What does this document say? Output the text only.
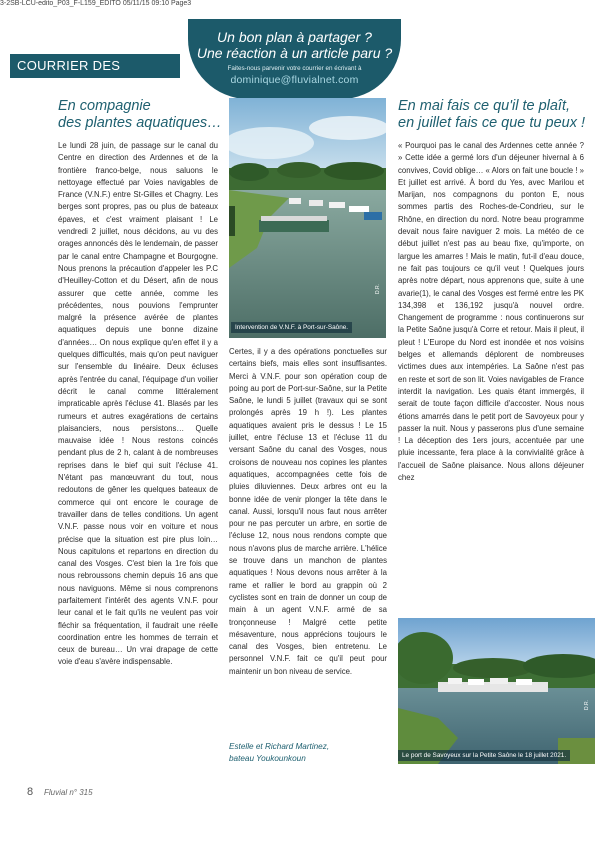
3-2SB-LCU-edito_P03_F-L159_EDITO 05/11/15 09:10 Page3
COURRIER DES LECTEURS
Un bon plan à partager ?
Une réaction à un article paru ?
Faites-nous parvenir votre courrier en écrivant à
dominique@fluvialnet.com
En compagnie
des plantes aquatiques…

Le lundi 28 juin, de passage sur le canal du Centre en direction des Ardennes et de la frontière franco-belge, nous saluons le nettoyage effectué par Voies navigables de France (V.N.F.) entre St-Gilles et Chagny. Les berges sont propres, pas ou plus de bateaux épaves, et c'est vraiment plaisant ! Le vendredi 2 juillet, nous décidons, au vu des orages annoncés dès le lendemain, de passer par le canal entre Champagne et Bourgogne. Nous prenons la précaution d'appeler les P.C d'Heuilley-Cotton et du Désert, afin de nous assurer que cette année, comme les précédentes, nous pouvions l'emprunter malgré la présence avérée de plantes aquatiques depuis une bonne dizaine d'années… On nous explique qu'en effet il y a quelques difficultés, mais qu'on peut naviguer sur l'ensemble du linéaire. Deux écluses après l'entrée du canal, l'équipage d'un voilier décrit le canal comme littéralement impraticable après l'écluse 41. Blasés par les rumeurs et autres exagérations de certains plaisanciers, nous persistons… Quelle mauvaise idée ! Nous restons coincés pendant plus de 2 h, calant à de nombreuses reprises dans le bief qui suit l'écluse 41. N'étant pas manœuvrant du tout, nous redoutons de gêner les quelques bateaux de commerce qui ont encore le courage de travailler dans de telles conditions. Un agent V.N.F. passe nous voir en voiture et nous précise que la situation est pire plus loin… Nous capitulons et repartons en direction du canal des Vosges. C'est bien la 1re fois que nous rebroussons chemin depuis 16 ans que nous naviguons. Même si nous comprenons parfaitement l'intérêt des agents V.N.F. pour leur canal et le fait qu'ils ne veulent pas voir fléchir sa fréquentation, il faudrait une réelle coordination entre les hommes de terrain et ceux de bureau… Un vrai drapage de cette voie d'eau s'avère indispensable.

Intervention de V.N.F. à Port-sur-Saône.
D.R.

Certes, il y a des opérations ponctuelles sur certains biefs, mais elles sont insuffisantes. Merci à V.N.F. pour son opération coup de poing au port de Port-sur-Saône, sur la Petite Saône, le lundi 5 juillet (travaux qui se sont prolongés après 19 h !). Les plantes aquatiques avaient pris le dessus ! Le 15 juillet, entre l'écluse 13 et l'écluse 11 du versant Saône du canal des Vosges, nous croisons de nouveau nos copines les plantes aquatiques, accompagnées cette fois de pluies diluviennes. Deux arbres ont eu la bonne idée de venir plonger la tête dans le canal. Aussi, lorsqu'il nous faut nous arrêter pour ne pas percuter un arbre, en sortie de l'écluse 12, nous nous rendons compte que nous n'avons plus de marche arrière. L'hélice se trouve dans un manchon de plantes aquatiques ! Nous devons nous arrêter à la rame et rallier le bord au grappin où 2 cyclistes sont en train de donner un coup de main à un agent V.N.F. armé de sa tronçonneuse ! Malgré cette petite mésaventure, nous apprécions toujours le canal des Vosges, bien entretenu. Le personnel V.N.F. fait ce qu'il peut pour maintenir un bon niveau de service.

Estelle et Richard Martinez,
bateau Youkounkoun
En mai fais ce qu'il te plaît,
en juillet fais ce que tu peux !

« Pourquoi pas le canal des Ardennes cette année ? » Cette idée a germé lors d'un déjeuner hivernal à 6 convives, Covid oblige… « Alors on fait une boucle ! » Et juillet est arrivé. À bord du Yes, avec Marilou et Marijan, nos compagnons du ponton E, nous sommes partis des Roches-de-Condrieu, sur le Rhône, en direction du nord. Notre beau programme devait nous faire naviguer 2 mois. La météo de ce début juillet n'est pas au beau fixe, qu'importe, on largue les amarres ! Mais le matin, fut-il d'eau douce, ne fait pas toujours ce qu'il veut ! Quelques jours après notre départ, nous apprenons que, suite à une avarie(1), le canal des Vosges est fermé entre les PK 134,398 et 136,192 jusqu'à nouvel ordre. Changement de programme : nous continuerons sur la Petite Saône jusqu'à Corre et retour. Mais il pleut, il pleut ! L'Europe du Nord est inondée et nos voisins belges et allemands déplorent de nombreuses victimes dues aux intempéries. La Saône n'est pas en reste et sort de son lit. Voies navigables de France interdit la navigation. Les quais étant immergés, il serait de toute façon difficile d'accoster. Nous nous étions amarrés dans le petit port de Savoyeux pour y passer la nuit. Nous y passerons plus d'une semaine ! La déception des 1ers jours, accentuée par une pluie incessante, fera place à la convivialité grâce à l'accueil de Saône plaisance. Nous allons déjeuner chez

Le port de Savoyeux sur la Petite Saône le 18 juillet 2021.
D.R.
8 Fluvial n° 315
